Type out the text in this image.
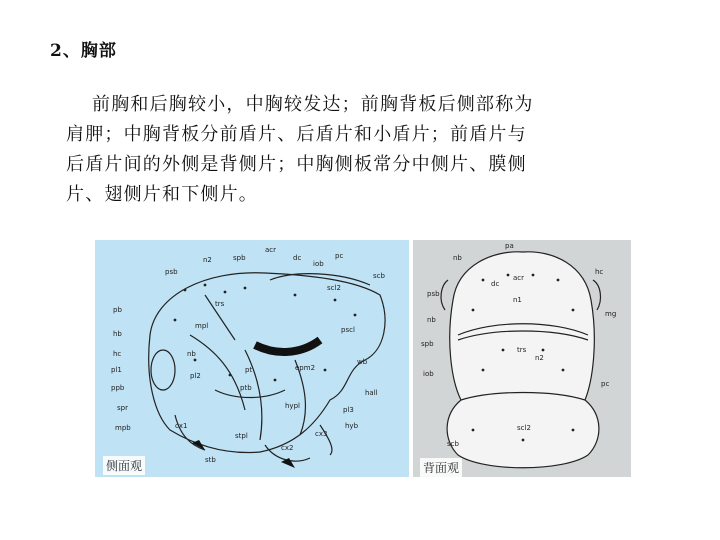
2、胸部
前胸和后胸较小，中胸较发达；前胸背板后侧部称为
肩胛；中胸背板分前盾片、后盾片和小盾片；前盾片与
后盾片间的外侧是背侧片；中胸侧板常分中侧片、膜侧
片、翅侧片和下侧片。
psb
n2	spb
acr
dc
iob
pc
scb
scl2
pb
trs
mpl	pscl
hb
hc
pl1
nb
epm2
wb
ppb
pl2
spr
pt
ptb
hall
mpb
hypl	pl3
cx1
stpl	cx3
hyb
cx2
stb
侧面观
pa
nb
hc
acr
dc
psb
n1
nb
mg
spb
trs
n2
iob
pc
scl2
scb
背面观
